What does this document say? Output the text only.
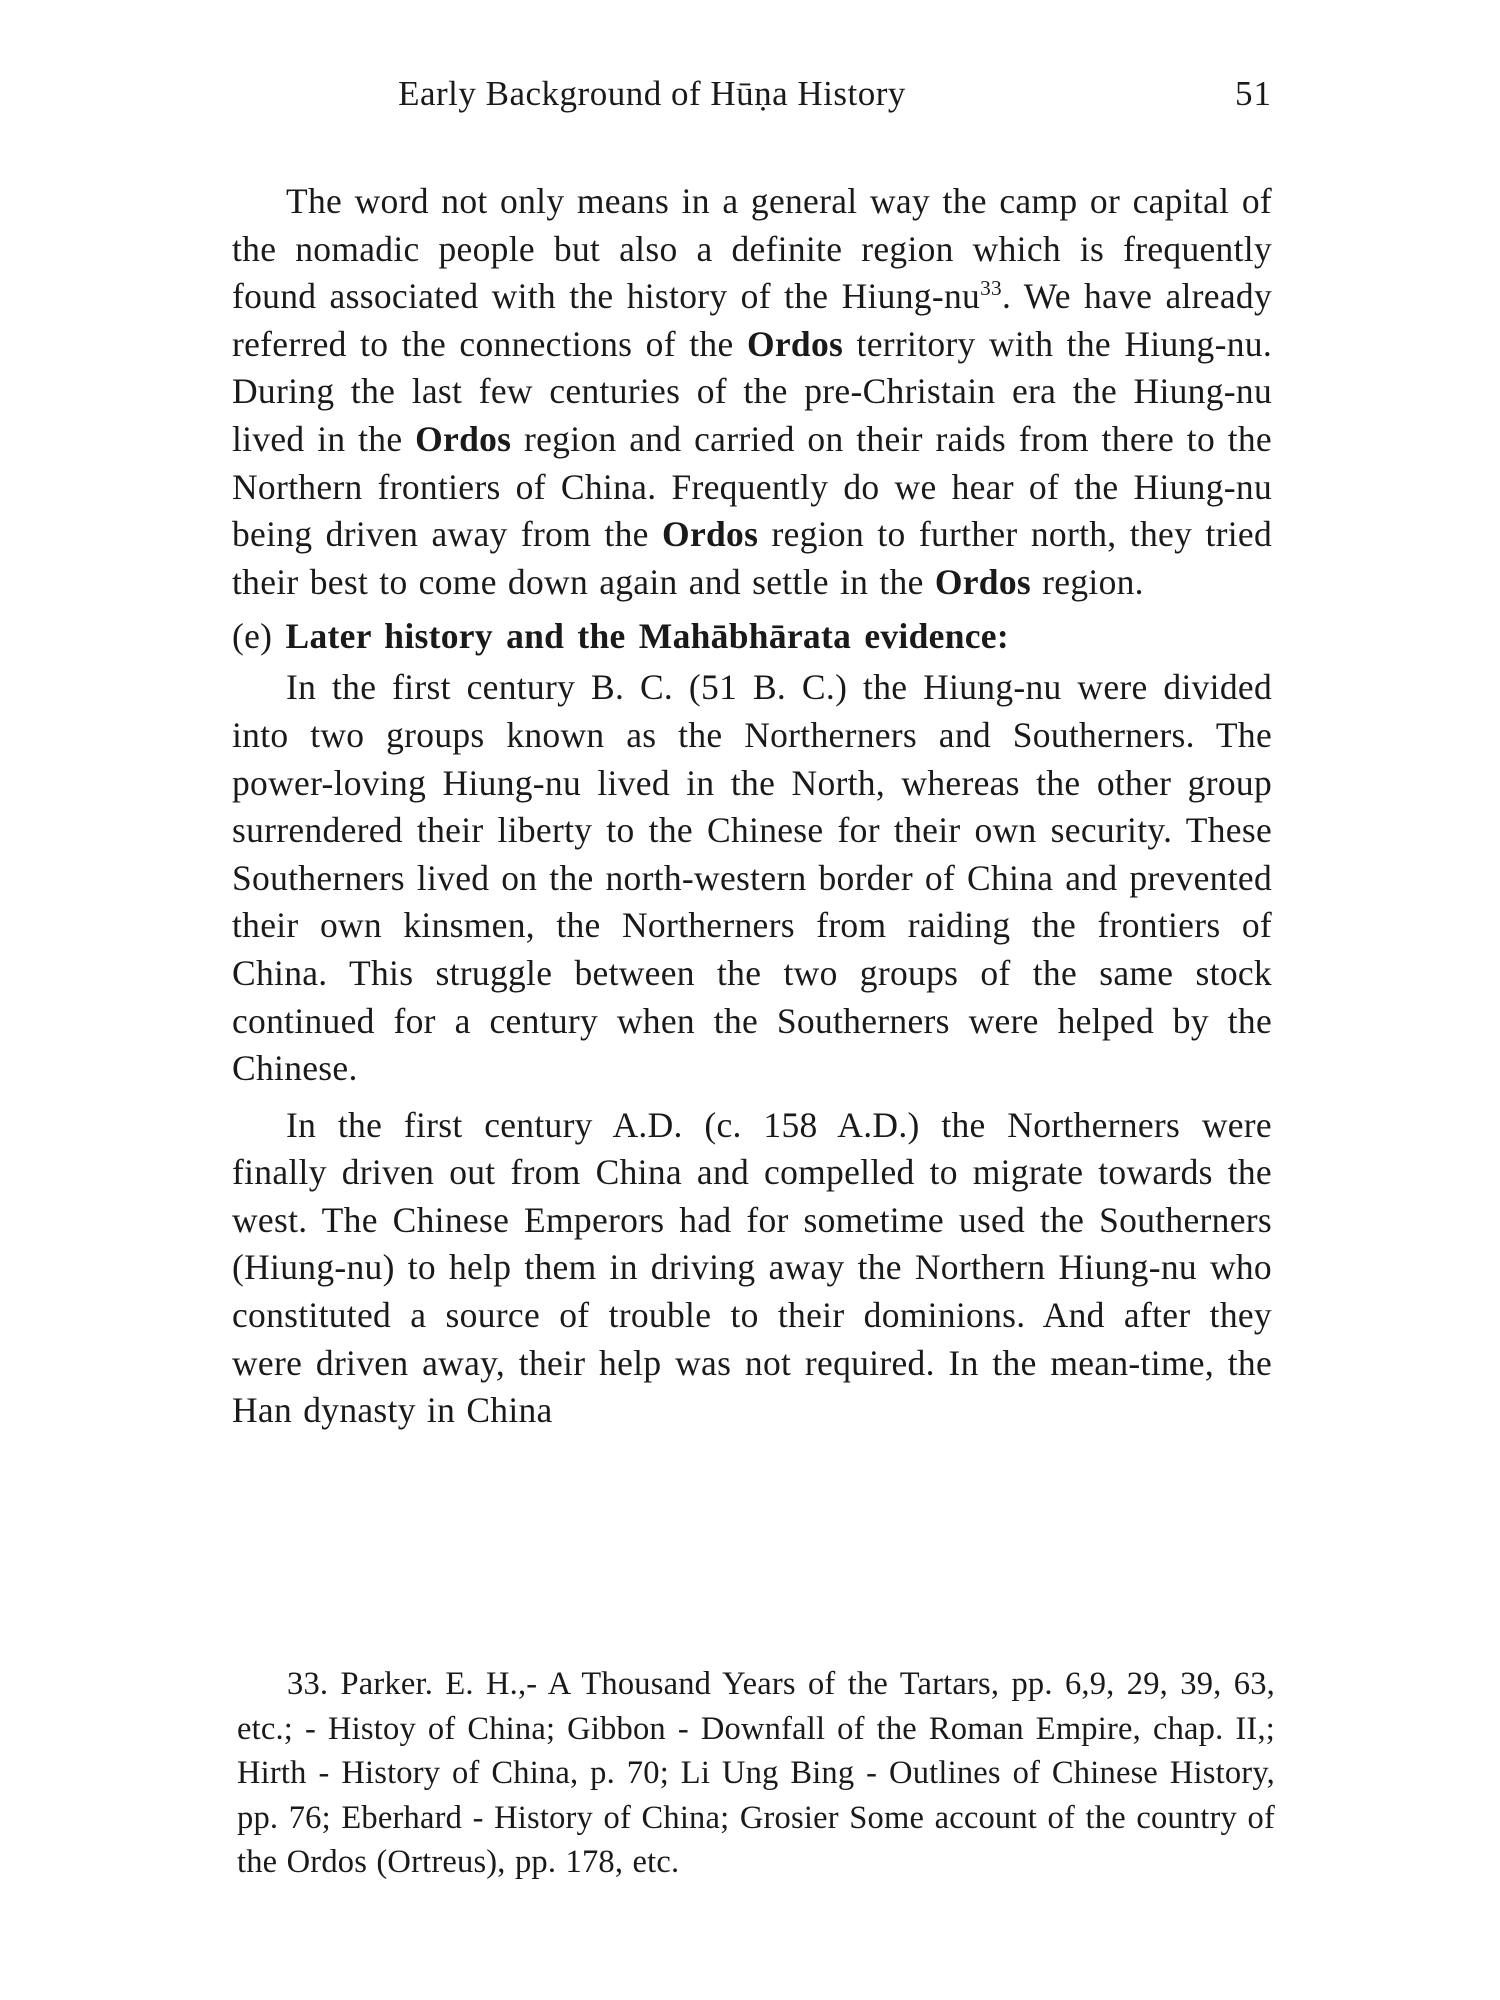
Early Background of Hūṇa History	51

The word not only means in a general way the camp or capital of the nomadic people but also a definite region which is frequently found associated with the history of the Hiung-$nu^{33}$. We have already referred to the connections of the Ordos territory with the Hiung-nu. During the last few centuries of the pre-Christain era the Hiung-nu lived in the Ordos region and carried on their raids from there to the Northern frontiers of China. Frequently do we hear of the Hiung-nu being driven away from the Ordos region to further north, they tried their best to come down again and settle in the Ordos region.

(e) Later history and the Mahābhārata evidence:

In the first century B. C. (51 B. C.) the Hiung-nu were divided into two groups known as the Northerners and Southerners. The power-loving Hiung-nu lived in the North, whereas the other group surrendered their liberty to the Chinese for their own security. These Southerners lived on the north-western border of China and prevented their own kinsmen, the Northerners from raiding the frontiers of China. This struggle between the two groups of the same stock continued for a century when the Southerners were helped by the Chinese.

In the first century A.D. (c. 158 A.D.) the Northerners were finally driven out from China and compelled to migrate towards the west. The Chinese Emperors had for sometime used the Southerners (Hiung-nu) to help them in driving away the Northern Hiung-nu who constituted a source of trouble to their dominions. And after they were driven away, their help was not required. In the mean-time, the Han dynasty in China

33. Parker. E. H.,- A Thousand Years of the Tartars, pp. 6,9, 29, 39, 63, etc.; - Histoy of China; Gibbon - Downfall of the Roman Empire, chap. II,; Hirth - History of China, p. 70; Li Ung Bing - Outlines of Chinese History, pp. 76; Eberhard - History of China; Grosier Some account of the country of the Ordos (Ortreus), pp. 178, etc.
